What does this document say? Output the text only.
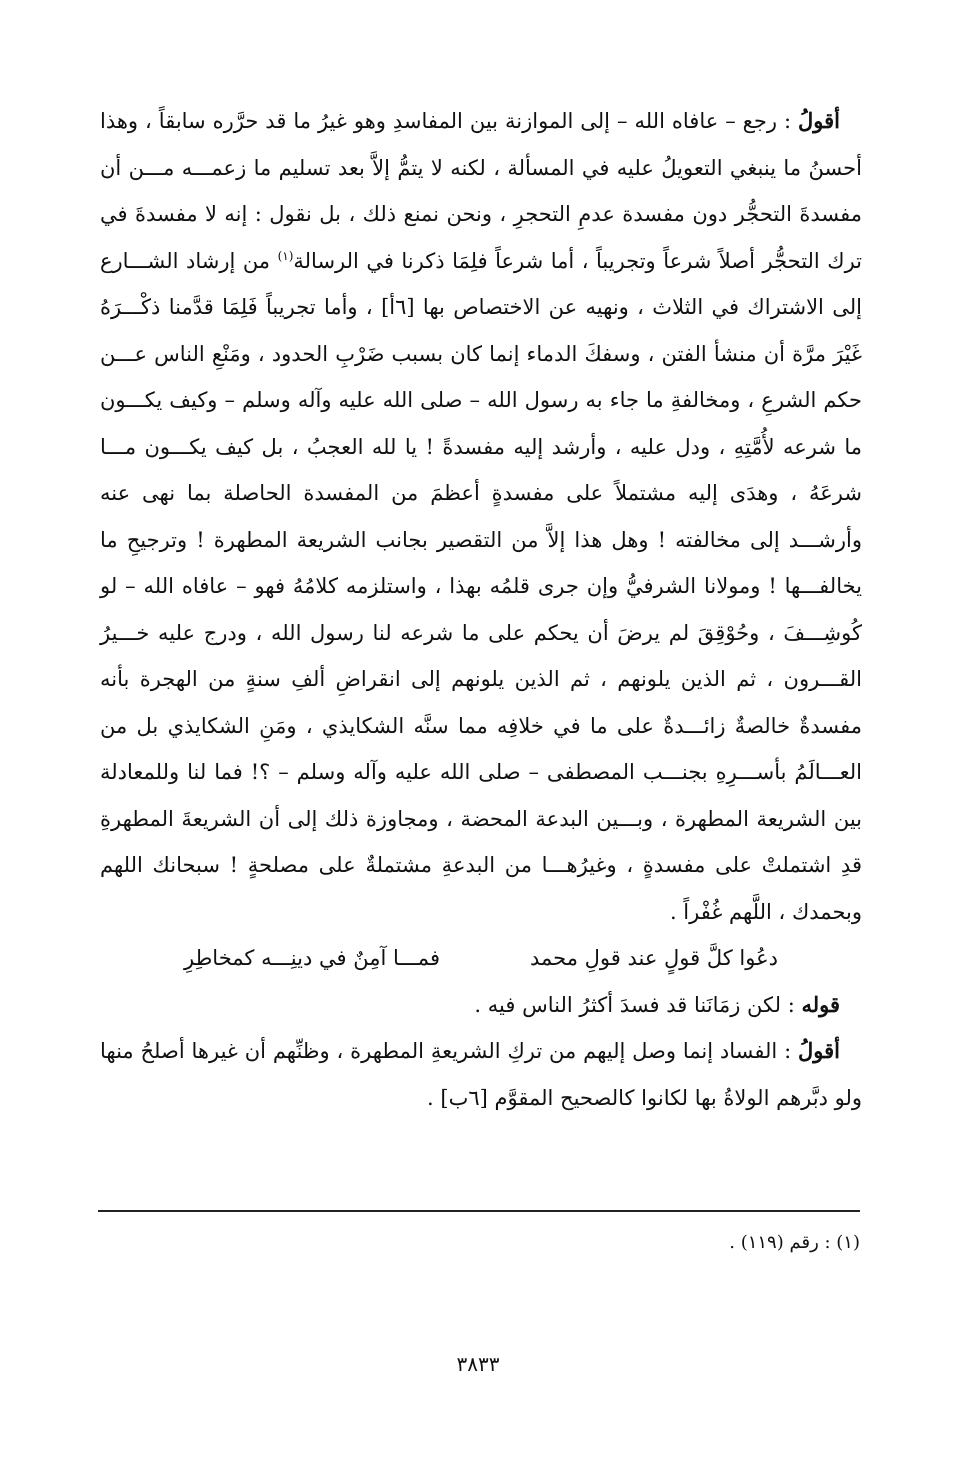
أقولُ : رجع – عافاه الله – إلى الموازنة بين المفاسدِ وهو غيرُ ما قد حرَّره سابقاً ، وهذا أحسنُ ما ينبغي التعويلُ عليه في المسألة ، لكنه لا يتمُّ إلاَّ بعد تسليم ما زعمـــه مـــن أن مفسدةَ التحجُّر دون مفسدة عدمِ التحجرِ ، ونحن نمنع ذلك ، بل نقول : إنه لا مفسدةَ في ترك التحجُّر أصلاً شرعاً وتجريباً ، أما شرعاً فلِمَا ذكرنا في الرسالة$^{(١)}$ من إرشاد الشـــارع إلى الاشتراك في الثلاث ، ونهيه عن الاختصاص بها [٦أ] ، وأما تجريباً فَلِمَا قدَّمنا ذكْـــرَهُ غَيْرَ مرَّة أن منشأ الفتن ، وسفكَ الدماء إنما كان بسبب ضَرْبِ الحدود ، ومَنْعِ الناس عـــن حكم الشرعِ ، ومخالفةِ ما جاء به رسول الله – صلى الله عليه وآله وسلم – وكيف يكـــون ما شرعه لأُمَّتِهِ ، ودل عليه ، وأرشد إليه مفسدةً ! يا لله العجبُ ، بل كيف يكـــون مـــا شرعَهُ ، وهدَى إليه مشتملاً على مفسدةٍ أعظمَ من المفسدة الحاصلة بما نهى عنه وأرشـــد إلى مخالفته ! وهل هذا إلاَّ من التقصير بجانب الشريعة المطهرة ! وترجيحِ ما يخالفـــها ! ومولانا الشرفيُّ وإن جرى قلمُه بهذا ، واستلزمه كلامُهُ فهو – عافاه الله – لو كُوشِـــفَ ، وحُوْقِقَ لم يرضَ أن يحكم على ما شرعه لنا رسول الله ، ودرج عليه خـــيرُ القـــرون ، ثم الذين يلونهم ، ثم الذين يلونهم إلى انقراضِ ألفِ سنةٍ من الهجرة بأنه مفسدةٌ خالصةٌ زائـــدةٌ على ما في خلافِه مما سنَّه الشكايذي ، ومَنِ الشكايذي بل من العـــالَمُ بأســـرِهِ بجنـــب المصطفى – صلى الله عليه وآله وسلم – ؟! فما لنا وللمعادلة بين الشريعة المطهرة ، وبـــين البدعة المحضة ، ومجاوزة ذلك إلى أن الشريعةَ المطهرةِ قدِ اشتملتْ على مفسدةٍ ، وغيرُهـــا من البدعةِ مشتملةٌ على مصلحةٍ ! سبحانك اللهم وبحمدك ، اللَّهم غُفْراً .

دعُوا كلَّ قولٍ عند قولِ محمد
فمـــا آمِنٌ في دينِـــه كمخاطِرِ

قوله : لكن زمَانَنا قد فسدَ أكثرُ الناس فيه .

أقولُ : الفساد إنما وصل إليهم من تركِ الشريعةِ المطهرة ، وظنِّهم أن غيرها أصلحُ منها ولو دبَّرهم الولاةُ بها لكانوا كالصحيح المقوَّم [٦ب] .

(١) : رقم (١١٩) .
٣٨٣٣
